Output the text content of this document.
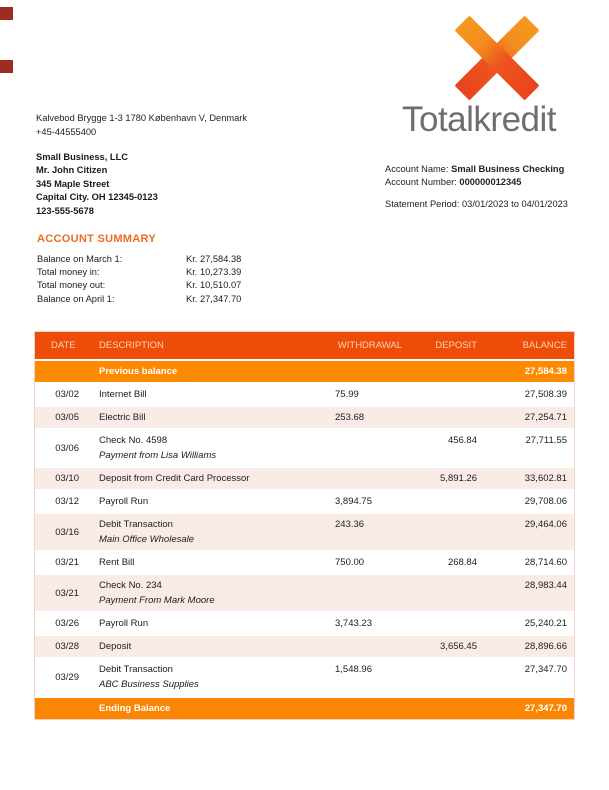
Kalvebod Brygge 1-3 1780 København V, Denmark
+45-44555400
Small Business, LLC
Mr. John Citizen
345 Maple Street
Capital City. OH 12345-0123
123-555-5678
Totalkredit
Account Name: Small Business Checking
Account Number: 000000012345
Statement Period: 03/01/2023 to 04/01/2023
ACCOUNT SUMMARY
Balance on March 1:	Kr. 27,584.38
Total money in:	Kr. 10,273.39
Total money out:	Kr. 10,510.07
Balance on April 1:	Kr. 27,347.70
DATE	DESCRIPTION	WITHDRAWAL	DEPOSIT	BALANCE
	Previous balance			27,584.38
03/02	Internet Bill	75.99		27,508.39
03/05	Electric Bill	253.68		27,254.71
03/06	Check No. 4598
Payment from Lisa Williams		456.84	27,711.55
03/10	Deposit from Credit Card Processor		5,891.26	33,602.81
03/12	Payroll Run	3,894.75		29,708.06
03/16	Debit Transaction
Main Office Wholesale	243.36		29,464.06
03/21	Rent Bill	750.00	268.84	28,714.60
03/21	Check No. 234
Payment From Mark Moore			28,983.44
03/26	Payroll Run	3,743.23		25,240.21
03/28	Deposit		3,656.45	28,896.66
03/29	Debit Transaction
ABC Business Supplies	1,548.96		27,347.70
	Ending Balance			27,347.70
